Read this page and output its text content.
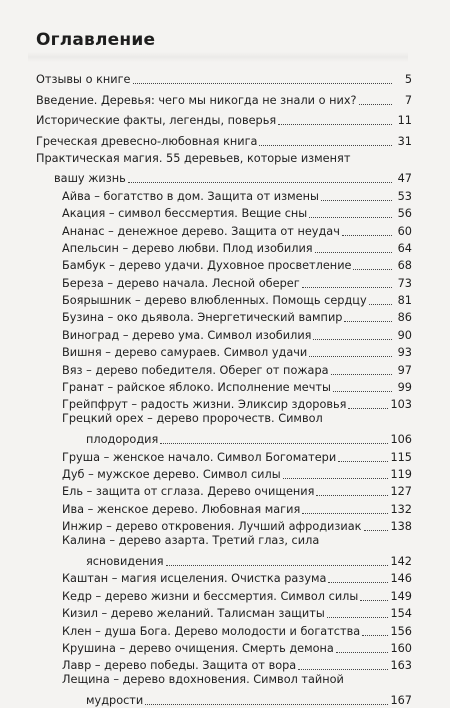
Оглавление
Отзывы о книге	5
Введение. Деревья: чего мы никогда не знали о них?	7
Исторические факты, легенды, поверья	11
Греческая древесно-любовная книга	31
Практическая магия. 55 деревьев, которые изменят
вашу жизнь	47
Айва – богатство в дом. Защита от измены	53
Акация – символ бессмертия. Вещие сны	56
Ананас – денежное дерево. Защита от неудач	60
Апельсин – дерево любви. Плод изобилия	64
Бамбук – дерево удачи. Духовное просветление	68
Береза – дерево начала. Лесной оберег	73
Боярышник – дерево влюбленных. Помощь сердцу	81
Бузина – око дьявола. Энергетический вампир	86
Виноград – дерево ума. Символ изобилия	90
Вишня – дерево самураев. Символ удачи	93
Вяз – дерево победителя. Оберег от пожара	97
Гранат – райское яблоко. Исполнение мечты	99
Грейпфрут – радость жизни. Эликсир здоровья	103
Грецкий орех – дерево пророчеств. Символ
плодородия	106
Груша – женское начало. Символ Богоматери	115
Дуб – мужское дерево. Символ силы	119
Ель – защита от сглаза. Дерево очищения	127
Ива – женское дерево. Любовная магия	132
Инжир – дерево откровения. Лучший афродизиак	138
Калина – дерево азарта. Третий глаз, сила
ясновидения	142
Каштан – магия исцеления. Очистка разума	146
Кедр – дерево жизни и бессмертия. Символ силы	149
Кизил – дерево желаний. Талисман защиты	154
Клен – душа Бога. Дерево молодости и богатства	156
Крушина – дерево очищения. Смерть демона	160
Лавр – дерево победы. Защита от вора	163
Лещина – дерево вдохновения. Символ тайной
мудрости	167
